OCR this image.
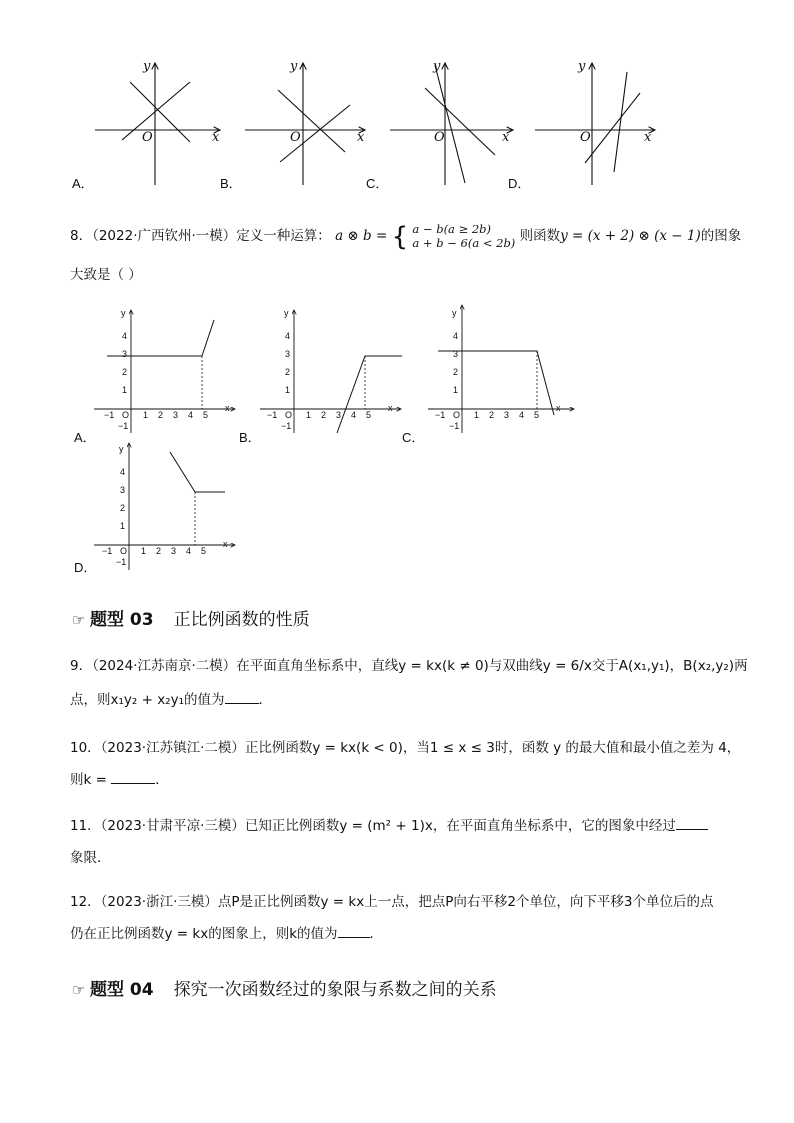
y
x
O
A．
y
x
O
B．
y
x
O
C．
y
x
O
D．
8．（2022·广西钦州·一模）定义一种运算： a ⊗ b = { a − b(a ≥ 2b)
a + b − 6(a < 2b) 则函数y = (x + 2) ⊗ (x − 1)的图象
大致是（ ）
A．	B．	C．
D．
☞ 题型 03 正比例函数的性质
9．（2024·江苏南京·二模）在平面直角坐标系中，直线y = kx(k ≠ 0)与双曲线y = 6/x交于A(x₁,y₁)，B(x₂,y₂)两
点，则x₁y₂ + x₂y₁的值为	．
10．（2023·江苏镇江·二模）正比例函数y = kx(k < 0)，当1 ≤ x ≤ 3时，函数 y 的最大值和最小值之差为 4，
则k =	．
11．（2023·甘肃平凉·三模）已知正比例函数y = (m² + 1)x，在平面直角坐标系中，它的图象中经过
象限．
12．（2023·浙江·三模）点P是正比例函数y = kx上一点，把点P向右平移2个单位，向下平移3个单位后的点
仍在正比例函数y = kx的图象上，则k的值为 ．
☞ 题型 04 探究一次函数经过的象限与系数之间的关系
−1 O 1 2 3 4 5
x
y
4
3
2
1
−1
−1 O 1 2 3 4 5
x
y
4
3
2
1
−1
−1 O 1 2 3 4 5
x
y
4
3
2
1
−1
−1 O 1 2 3 4 5
x
y
4
3
2
1
−1
